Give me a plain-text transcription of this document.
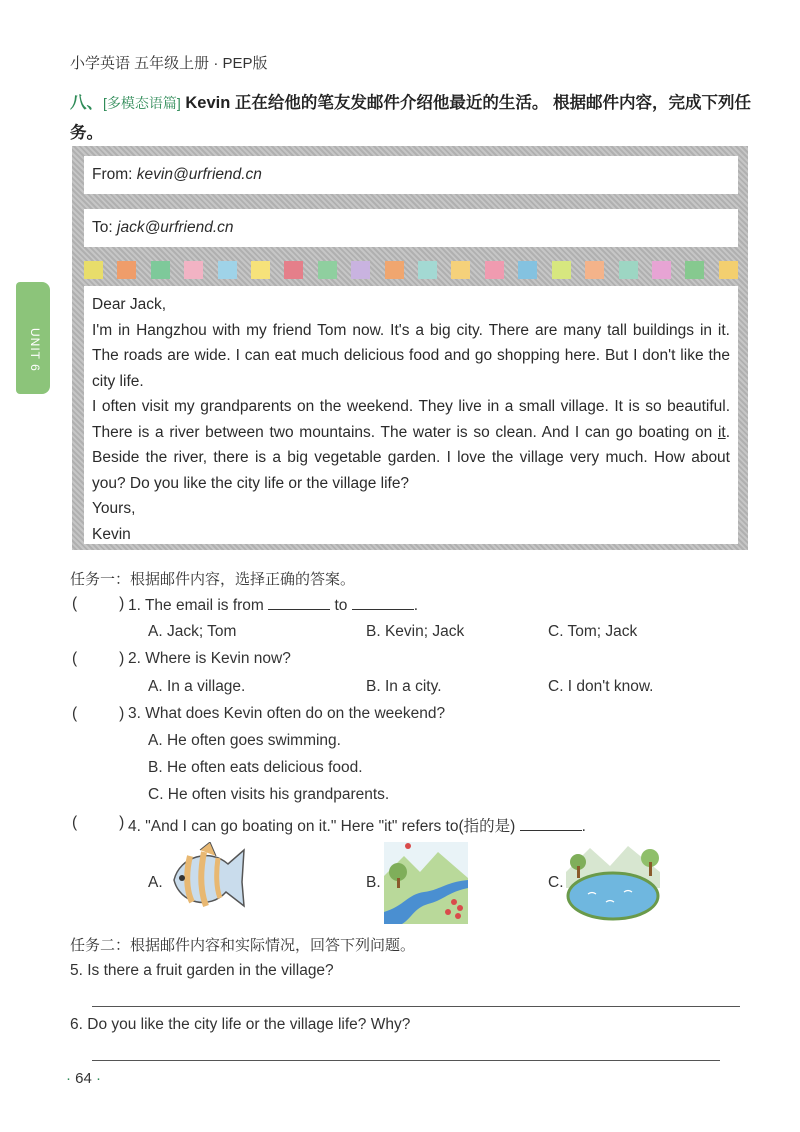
小学英语 五年级上册 · PEP版
八、[多模态语篇] Kevin 正在给他的笔友发邮件介绍他最近的生活。 根据邮件内容，完成下列任务。
UNIT 6
From: kevin@urfriend.cn
To: jack@urfriend.cn

Dear Jack,

I'm in Hangzhou with my friend Tom now. It's a big city. There are many tall buildings in it. The roads are wide. I can eat much delicious food and go shopping here. But I don't like the city life.

I often visit my grandparents on the weekend. They live in a small village. It is so beautiful. There is a river between two mountains. The water is so clean. And I can go boating on it. Beside the river, there is a big vegetable garden. I love the village very much. How about you? Do you like the city life or the village life?

Yours,

Kevin

任务一：根据邮件内容，选择正确的答案。
(	) 1. The email is from	to	.
A. Jack; Tom	B. Kevin; Jack	C. Tom; Jack
(	) 2. Where is Kevin now?
A. In a village.	B. In a city.	C. I don't know.
(	) 3. What does Kevin often do on the weekend?
A. He often goes swimming.
B. He often eats delicious food.
C. He often visits his grandparents.
(	) 4. "And I can go boating on it." Here "it" refers to(指的是)	.
A.	B.	C.
任务二：根据邮件内容和实际情况，回答下列问题。
5. Is there a fruit garden in the village?
6. Do you like the city life or the village life? Why?
· 64 ·
